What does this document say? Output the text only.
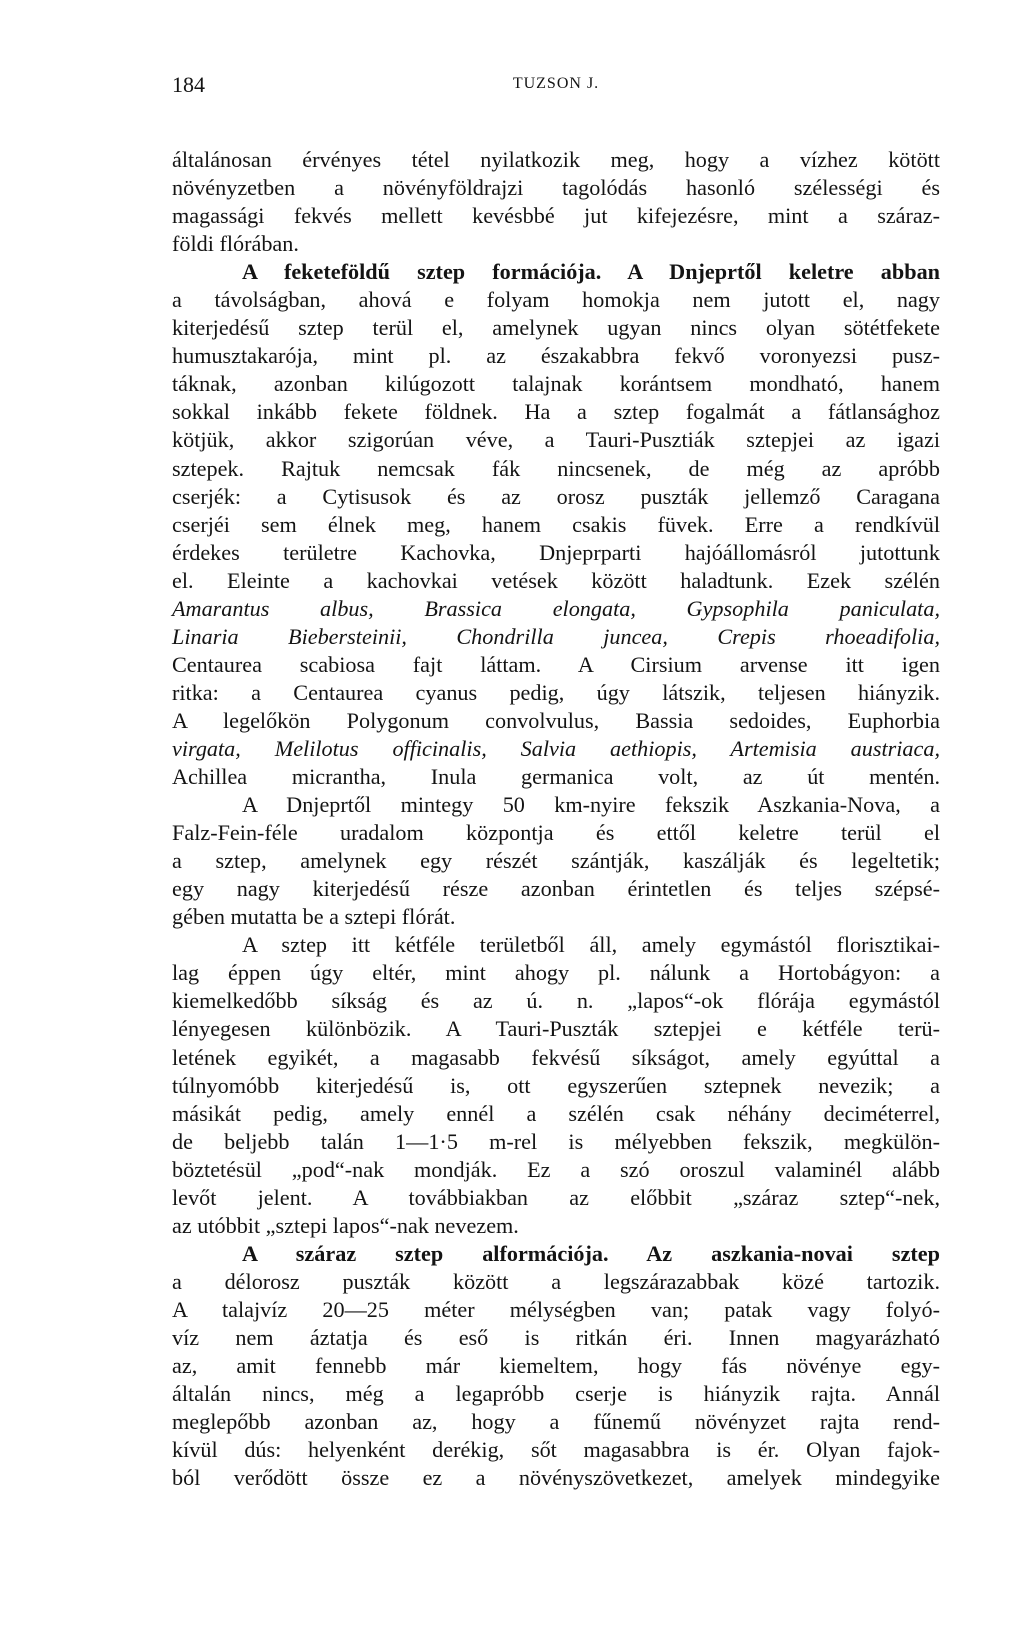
184	TUZSON J.
általánosan érvényes tétel nyilatkozik meg, hogy a vízhez kötött
növényzetben a növényföldrajzi tagolódás hasonló szélességi és
magassági fekvés mellett kevésbbé jut kifejezésre, mint a száraz-
földi flórában.
A feketeföldű sztep formációja. A Dnjeprtől keletre abban
a távolságban, ahová e folyam homokja nem jutott el, nagy
kiterjedésű sztep terül el, amelynek ugyan nincs olyan sötétfekete
humusztakarója, mint pl. az északabbra fekvő voronyezsi pusz-
táknak, azonban kilúgozott talajnak korántsem mondható, hanem
sokkal inkább fekete földnek. Ha a sztep fogalmát a fátlansághoz
kötjük, akkor szigorúan véve, a Tauri-Pusztiák sztepjei az igazi
sztepek. Rajtuk nemcsak fák nincsenek, de még az apróbb
cserjék: a Cytisusok és az orosz puszták jellemző Caragana
cserjéi sem élnek meg, hanem csakis füvek. Erre a rendkívül
érdekes területre Kachovka, Dnjeprparti hajóállomásról jutottunk
el. Eleinte a kachovkai vetések között haladtunk. Ezek szélén
Amarantus albus, Brassica elongata, Gypsophila paniculata,
Linaria Biebersteinii, Chondrilla juncea, Crepis rhoeadifolia,
Centaurea scabiosa fajt láttam. A Cirsium arvense itt igen
ritka: a Centaurea cyanus pedig, úgy látszik, teljesen hiányzik.
A legelőkön Polygonum convolvulus, Bassia sedoides, Euphorbia
virgata, Melilotus officinalis, Salvia aethiopis, Artemisia austriaca,
Achillea micrantha, Inula germanica volt, az út mentén.
A Dnjeprtől mintegy 50 km-nyire fekszik Aszkania-Nova, a
Falz-Fein-féle uradalom központja és ettől keletre terül el
a sztep, amelynek egy részét szántják, kaszálják és legeltetik;
egy nagy kiterjedésű része azonban érintetlen és teljes szépsé-
gében mutatta be a sztepi flórát.
A sztep itt kétféle területből áll, amely egymástól florisztikai-
lag éppen úgy eltér, mint ahogy pl. nálunk a Hortobágyon: a
kiemelkedőbb síkság és az ú. n. „lapos“-ok flórája egymástól
lényegesen különbözik. A Tauri-Puszták sztepjei e kétféle terü-
letének egyikét, a magasabb fekvésű síkságot, amely egyúttal a
túlnyomóbb kiterjedésű is, ott egyszerűen sztepnek nevezik; a
másikát pedig, amely ennél a szélén csak néhány deciméterrel,
de beljebb talán 1—1·5 m-rel is mélyebben fekszik, megkülön-
böztetésül „pod“-nak mondják. Ez a szó oroszul valaminél alább
levőt jelent. A továbbiakban az előbbit „száraz sztep“-nek,
az utóbbit „sztepi lapos“-nak nevezem.
A száraz sztep alformációja. Az aszkania-novai sztep
a délorosz puszták között a legszárazabbak közé tartozik.
A talajvíz 20—25 méter mélységben van; patak vagy folyó-
víz nem áztatja és eső is ritkán éri. Innen magyarázható
az, amit fennebb már kiemeltem, hogy fás növénye egy-
általán nincs, még a legapróbb cserje is hiányzik rajta. Annál
meglepőbb azonban az, hogy a fűnemű növényzet rajta rend-
kívül dús: helyenként derékig, sőt magasabbra is ér. Olyan fajok-
ból verődött össze ez a növényszövetkezet, amelyek mindegyike
